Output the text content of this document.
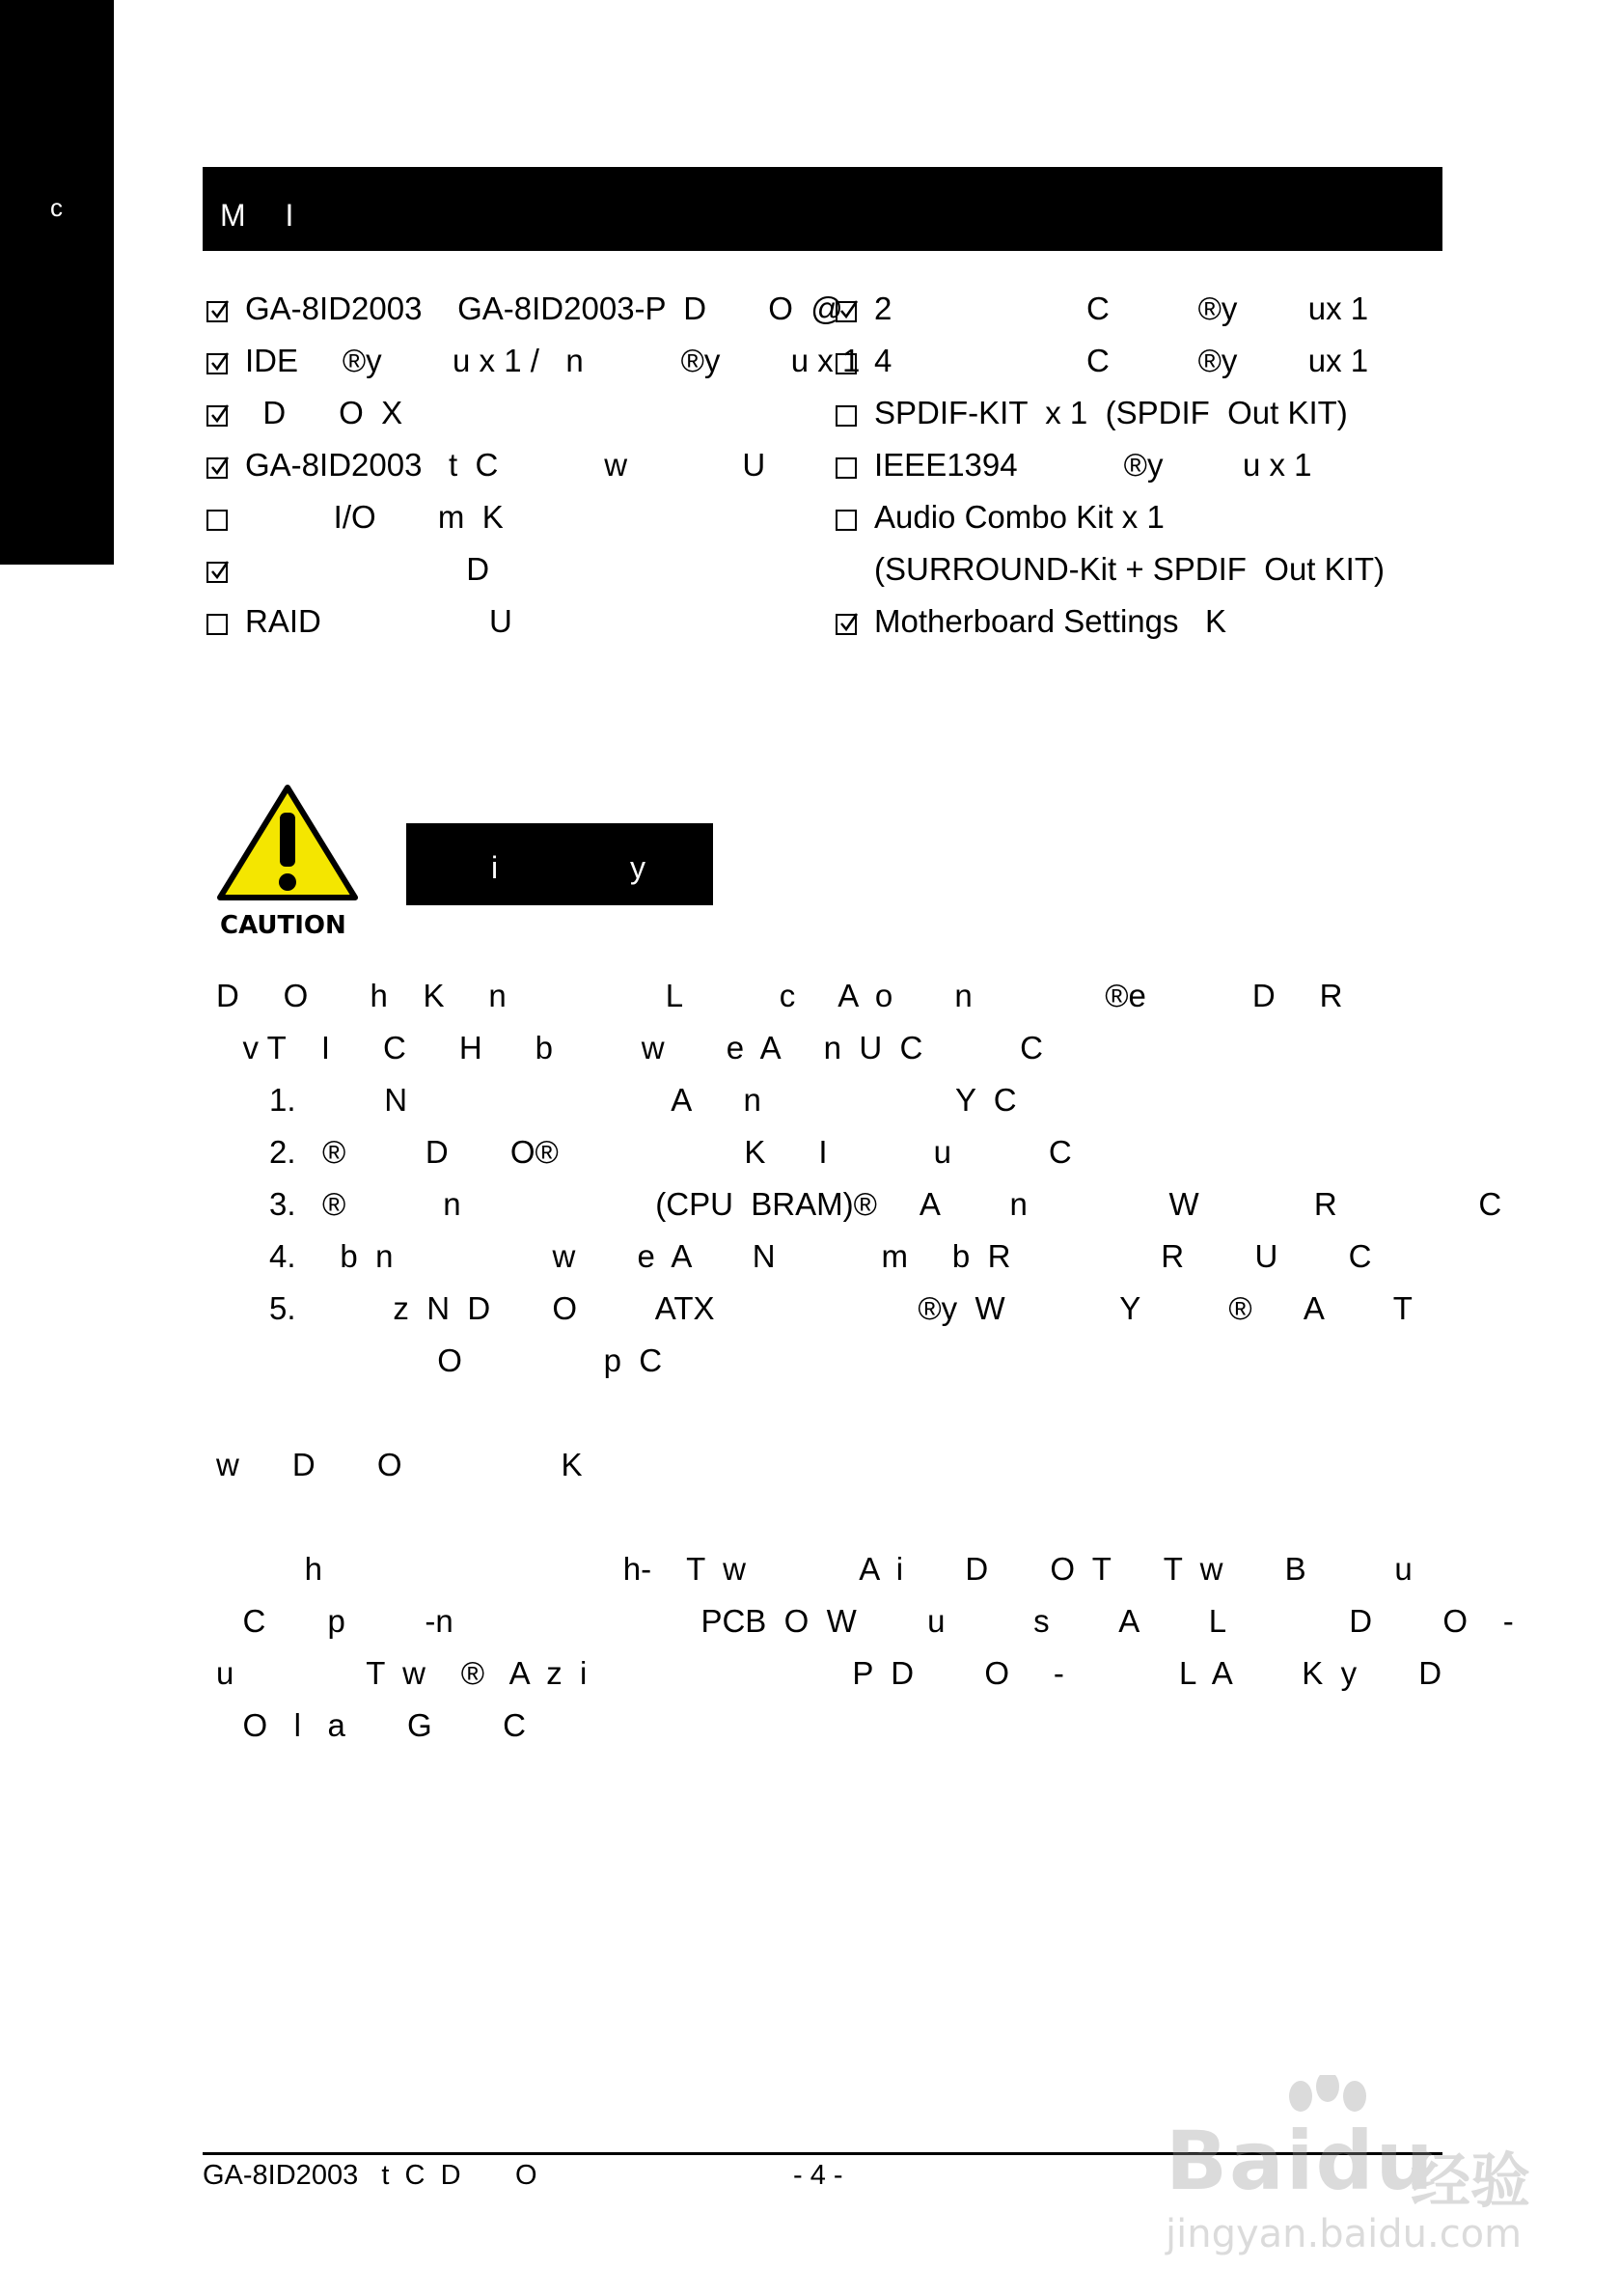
c	M I
GA-8ID2003    GA-8ID2003-P  D       O  @
IDE     ®y        u x 1 /   n           ®y        u x 1
D      O  X
GA-8ID2003   t  C            w             U
I/O       m  K
D
RAID                   U
2                      C          ®y        ux 1
4                      C          ®y        ux 1
SPDIF-KIT  x 1  (SPDIF  Out KIT)
IEEE1394            ®y         u x 1
Audio Combo Kit x 1
(SURROUND-Kit + SPDIF  Out KIT)
Motherboard Settings   K
CAUTION
i y
D     O       h    K     n                  L           c     A  o       n               ®e            D     R
v T    I      C      H      b          w       e  A     n  U  C           C
1.          N                              A      n                      Y  C
2.   ®         D       O®                     K      I            u           C
3.   ®           n                      (CPU  BRAM)®     A        n                W             R                C
4.     b  n                  w       e  A       N            m     b  R                 R        U        C
5.           z  N  D       O         ATX                       ®y  W             Y          ®      A        T
O                p  C
w      D       O                  K
h                                  h-    T  w             A  i       D       O  T      T  w       B          u
C       p         -n                            PCB  O  W        u          s        A        L              D        O    -
u               T  w    ®   A  z  i                              P  D        O     -             L  A        K  y       D
O   l   a       G        C
GA-8ID2003   t  C  D       O	- 4 -	Baidu
经验
jingyan.baidu.com
